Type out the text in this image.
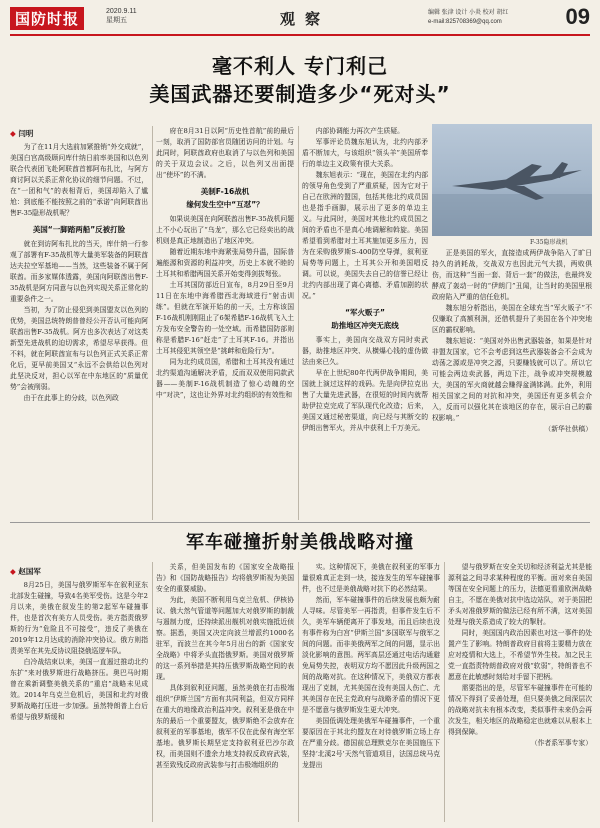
国防时报	2020.9.11
星期五	观察	编辑 张津 设计 小炎 校对 胡红
e-mail:825708369@qq.com	09
毫不利人 专门利己
美国武器还要制造多少“死对头”
◆ 闫明

为了在11月大选前加紧推销“外交成就”，美国白宫高级顾问库什纳日前率美国和以色列联合代表团飞赴阿联酋首都阿布扎比，与阿方商讨阿以关系正常化协议的细节问题。不过，在“一团和气”的表相背后，美国却陷入了尴尬：到底能不能按照之前的“承诺”向阿联酋出售F-35隐形战机呢？

美国“一脚踏两船”反被打脸

就在到访阿布扎比的当天，库什纳一行参观了部署有F-35战机等大量美军装备的阿联酋达夫拉空军基地——当然，这些装备不属于阿联酋。而多家媒体透露，美国向阿联酋出售F-35战机是阿方同意与以色列实现关系正常化的重要条件之一。

当初，为了防止侵犯到美国盟友以色列的优势，美国总统特朗普曾经公开否认可能向阿联酋出售F-35战机。阿方也多次表达了对这类新型先进战机的迫切需求，希望尽早获得。但不料，就在阿联酋宣布与以色列正式关系正常化后，更早前美国又“永远不会供给以色列对此坚决反对，担心以军在中东地区的“质量优势”会被削弱。

由于在此事上的分歧，以色列政

府在8月31日以阿“历史性首航”前的最后一刻，取消了国防部官员随团访问的计划。与此同时，阿联酋政府也取消了与以色列和美国的关于双边会议。之后，以色列又出面提出“使坏”的不满。

美制F-16战机
缘何发生空中“互怼”？

如果说美国在向阿联酋出售F-35战机问题上不小心玩出了“乌龙”，那么它已经卖出的战机则是真正地制造出了地区冲突。

随着近期东地中海紧张局势升温，国际普遍能源和资源的利益冲突，历史上本就不睦的土耳其和希腊两国关系开始变得剑拔弩张。

土耳其国防部近日宣布，8月29日至9月11日在东地中海希腊西北海域进行“射击训练”。但就在军演开始的前一天，土方称该国F-16战机刚刚阻止了6架希腊F-16战机飞入土方发布安全警告的一处空域。而希腊国防部则称是希腊F-16“赶走”了土耳其F-16。并指出土耳其侵犯其领空是“挑衅和危险行为”。

同为北约成员国，希腊和土耳其没有通过北约渠道沟通解决矛盾，反而双双使用同款武器——美制F-16战机制造了惊心动魄的空中“对决”，这也让外界对北约组织的有效性和

内部协调能力再次产生质疑。

军事评论员魏东旭认为，北约内部矛盾不断加大，与该组织“领头羊”美国所奉行的单边主义政策有很大关系。

魏东旭表示：“现在，美国在北约内部的领导角色受到了严重质疑，因为它对于自己在欧洲的盟国，包括其他北约成员国也是指手画脚，展示出了更多的单边主义。与此同时，美国对其他北约成员国之间的矛盾也不是真心地调解和斡旋。美国希望看到希腊对土耳其施加更多压力，因为在采购俄罗斯S-400防空导弹，叙利亚局势等问题上，土耳其公开和美国唱反调。可以说，美国失去自己的信誉已经让北约内部出现了离心离德、矛盾加剧的状况。”

“军火贩子”
助推地区冲突无底线

事实上，美国向交战双方同时卖武器，助推地区冲突、从横爆心钱的虚伪做法由来已久。

早在上世纪80年代两伊战争期间，美国就上演过这样的戏码。先是向伊拉克出售了大量先进武器，在很短的时间内就帮助伊拉克完成了军队现代化改造；后来，美国又通过秘密渠道，向已经与其断交的伊朗出售军火，并从中获利上千万美元。

F-35隐形战机

正是美国的军火，直接造成两伊战争陷入了旷日持久的消耗战，交战双方也因此元气大损，两败俱伤，而这种“当面一套、背后一套”的做法，也最终发酵成了轰动一时的“伊朗门”丑闻，让当时的美国里根政府陷入严重的信任危机。

魏东旭分析指出，美国在全球充当“军火贩子”不仅赚取了高额利润，还借机提升了美国在各个冲突地区的霸权影响。

魏东旭说：“美国对外出售武器装备，如果是针对非盟友国家，它不会考虑到这些武器装备会不会成为动荡之源或是冲突之源，只要赚钱就可以了。所以它可能会两边卖武器，两边下注，战争或冲突规模越大，美国的军火商就越会赚得盆满钵满。此外，利用相关国家之间的对抗和冲突，美国还有更多机会介入，反而可以强化其在该地区的存在，展示自己的霸权影响。”

（新华社供稿）
军车碰撞折射美俄战略对撞
◆ 赵国军

8月25日，美国与俄罗斯军车在叙利亚东北部发生碰撞，导致4名美军受伤。这是今年2月以来，美俄在叙发生的第2起军车碰撞事件，也是首次有美方人员受伤。美方指责俄罗斯的行为“危险且不可接受”，违反了美俄在2019年12月达成的消除冲突协议。俄方则指责美军在其先反协议阻挠俄巡逻车队。

白冷战结束以来，美国一直遏过推动北约东扩“来对俄罗斯进行战略挤压。奥巴马时期曾在乘新调整美俄关系的“重启”战略未见成效。2014年乌克兰危机后，美国和北约对俄罗斯战略打压进一步加强。虽然特朗普上台后希望与俄罗斯缓和

关系，但美国发布的《国家安全战略报告》和《国防战略报告》均将俄罗斯视为美国安全的重要威胁。

为此，美国不断利用乌克兰危机、伊核协议、俄大然气管道等问题加大对俄罗斯的制裁与遏制力度，还持续派出舰机对俄实施抵近侦察。据悉，美国又决定向波兰增派约1000名驻军，而波兰在其今年5月出台的新《国家安全战略》中将矛头直指俄罗斯。美国对俄罗斯的这一系列举措是其持压俄罗斯战略空间的表现。

具体到叙利亚问题，虽然美俄在打击极端组织“伊斯兰国”方面有共同利益，但双方同样在重大的地缘政治利益冲突。叙利亚是俄在中东的最后一个重要盟友，俄罗斯绝不会放弃在叙利亚的军事基地，俄军不仅在此保有海空军基地。俄罗斯长期坚定支持叙利亚巴沙尔政权，而美国则不遗余力地支持叙反政府武装，甚至致残反政府武装参与打击极端组织的

实。这种情况下，美俄在叙利亚的军事力量很难真正走到一块，接连发生的军车碰撞事件，也不过是美俄战略对抗下的必然结果。

然而，军车碰撞事件的后续发展也颇为耐人寻味。尽管美军一再指责，但事件发生后不久，美军车辆便离开了事发地，而且后续也没有事件称为白宫“伊斯兰国”多国联军与俄军之间的问题。而非美俄两军之间的问题，显示出淡化影响的意图。两军高层还通过电话沟通避免局势失控，表明双方均不愿因此升级两国之间的战略对抗。在这种情况下，美俄双方都表现出了克制，尤其美国在没有美国人伤亡、尤其美国存在民主党政府与战略矛盾的情况下更是不愿意与俄罗斯发生更大冲突。

美国低调处理美俄军车碰撞事件，一个重要原因在于其北约盟友在对待俄罗斯立场上存在严重分歧。德国前总理默克尔在美国施压下坚持‘北溪2号’天然气管道项目，法国总统马克龙提出

望与俄罗斯在安全关切和经济利益尤其是能源利益之间寻求某种程度的平衡。面对来自美国等国在安全问题上的压力，法德更看重欧洲战略自主，不愿在美俄对抗中选边站队，对于美国把矛头对准俄罗斯的做法已经有所不满，这对美国处理与俄关系造成了较大的掣肘。

同时，美国国内政治因素也对这一事件的处置产生了影响。特朗普政府目前将主要精力放在应对疫情和大选上，不希望节外生枝。加之民主党一直指责特朗普政府对俄“软弱”，特朗普也不愿意在此敏感时刻给对手留下把柄。

需要指出的是，尽管军车碰撞事件在可能的情况下得到了妥善处理，但只要美俄之间深层次的战略对抗未有根本改变，类似事件未来仍会再次发生，相关地区的战略稳定也就难以从根本上得到保障。

（作者系军事专家）
